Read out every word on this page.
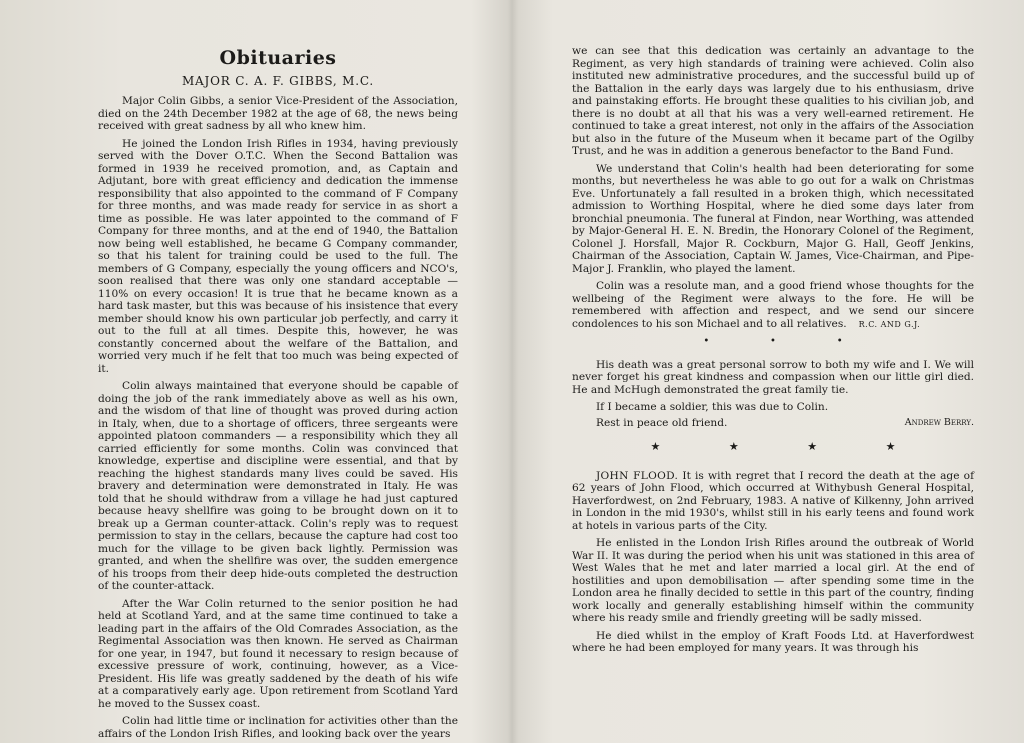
Obituaries
MAJOR C. A. F. GIBBS, M.C.

Major Colin Gibbs, a senior Vice-President of the Association, died on the 24th December 1982 at the age of 68, the news being received with great sadness by all who knew him.

He joined the London Irish Rifles in 1934, having previously served with the Dover O.T.C. When the Second Battalion was formed in 1939 he received promotion, and, as Captain and Adjutant, bore with great efficiency and dedication the immense responsibility that also appointed to the command of F Company for three months, and was made ready for service in as short a time as possible. He was later appointed to the command of F Company for three months, and at the end of 1940, the Battalion now being well established, he became G Company commander, so that his talent for training could be used to the full. The members of G Company, especially the young officers and NCO's, soon realised that there was only one standard acceptable — 110% on every occasion! It is true that he became known as a hard task master, but this was because of his insistence that every member should know his own particular job perfectly, and carry it out to the full at all times. Despite this, however, he was constantly concerned about the welfare of the Battalion, and worried very much if he felt that too much was being expected of it.

Colin always maintained that everyone should be capable of doing the job of the rank immediately above as well as his own, and the wisdom of that line of thought was proved during action in Italy, when, due to a shortage of officers, three sergeants were appointed platoon commanders — a responsibility which they all carried efficiently for some months. Colin was convinced that knowledge, expertise and discipline were essential, and that by reaching the highest standards many lives could be saved. His bravery and determination were demonstrated in Italy. He was told that he should withdraw from a village he had just captured because heavy shellfire was going to be brought down on it to break up a German counter-attack. Colin's reply was to request permission to stay in the cellars, because the capture had cost too much for the village to be given back lightly. Permission was granted, and when the shellfire was over, the sudden emergence of his troops from their deep hide-outs completed the destruction of the counter-attack.

After the War Colin returned to the senior position he had held at Scotland Yard, and at the same time continued to take a leading part in the affairs of the Old Comrades Association, as the Regimental Association was then known. He served as Chairman for one year, in 1947, but found it necessary to resign because of excessive pressure of work, continuing, however, as a Vice-President. His life was greatly saddened by the death of his wife at a comparatively early age. Upon retirement from Scotland Yard he moved to the Sussex coast.

Colin had little time or inclination for activities other than the affairs of the London Irish Rifles, and looking back over the years

we can see that this dedication was certainly an advantage to the Regiment, as very high standards of training were achieved. Colin also instituted new administrative procedures, and the successful build up of the Battalion in the early days was largely due to his enthusiasm, drive and painstaking efforts. He brought these qualities to his civilian job, and there is no doubt at all that his was a very well-earned retirement. He continued to take a great interest, not only in the affairs of the Association but also in the future of the Museum when it became part of the Ogilby Trust, and he was in addition a generous benefactor to the Band Fund.

We understand that Colin's health had been deteriorating for some months, but nevertheless he was able to go out for a walk on Christmas Eve. Unfortunately a fall resulted in a broken thigh, which necessitated admission to Worthing Hospital, where he died some days later from bronchial pneumonia. The funeral at Findon, near Worthing, was attended by Major-General H. E. N. Bredin, the Honorary Colonel of the Regiment, Colonel J. Horsfall, Major R. Cockburn, Major G. Hall, Geoff Jenkins, Chairman of the Association, Captain W. James, Vice-Chairman, and Pipe-Major J. Franklin, who played the lament.

Colin was a resolute man, and a good friend whose thoughts for the wellbeing of the Regiment were always to the fore. He will be remembered with affection and respect, and we send our sincere condolences to his son Michael and to all relatives. R.C. AND G.J.

•	•	•

His death was a great personal sorrow to both my wife and I. We will never forget his great kindness and compassion when our little girl died. He and McHugh demonstrated the great family tie.

If I became a soldier, this was due to Colin.
Rest in peace old friend.	Andrew Berry.
★	★	★	★

JOHN FLOOD. It is with regret that I record the death at the age of 62 years of John Flood, which occurred at Withybush General Hospital, Haverfordwest, on 2nd February, 1983. A native of Kilkenny, John arrived in London in the mid 1930's, whilst still in his early teens and found work at hotels in various parts of the City.

He enlisted in the London Irish Rifles around the outbreak of World War II. It was during the period when his unit was stationed in this area of West Wales that he met and later married a local girl. At the end of hostilities and upon demobilisation — after spending some time in the London area he finally decided to settle in this part of the country, finding work locally and generally establishing himself within the community where his ready smile and friendly greeting will be sadly missed.

He died whilst in the employ of Kraft Foods Ltd. at Haverfordwest where he had been employed for many years. It was through his
